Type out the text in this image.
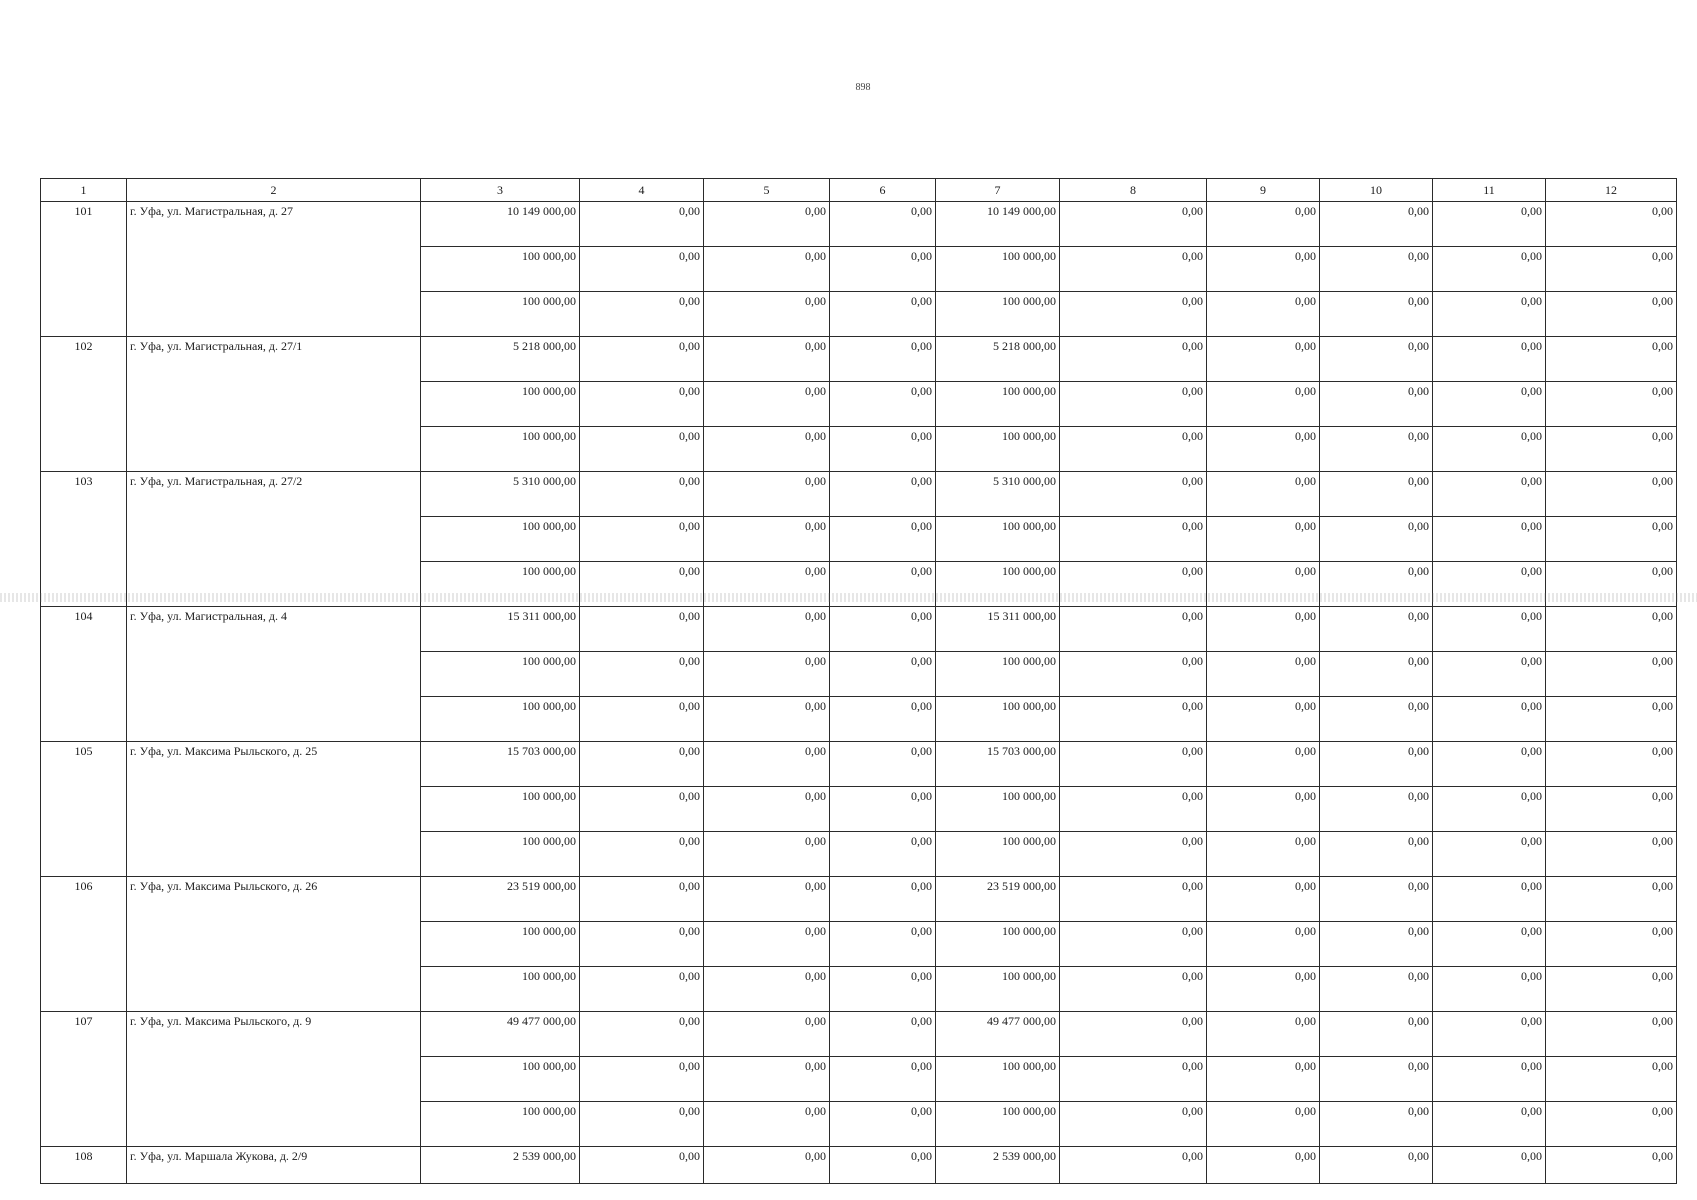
898
1	2	3	4	5	6	7	8	9	10	11	12
101	г. Уфа, ул. Магистральная, д. 27	10 149 000,00	0,00	0,00	0,00	10 149 000,00	0,00	0,00	0,00	0,00	0,00
		100 000,00	0,00	0,00	0,00	100 000,00	0,00	0,00	0,00	0,00	0,00
		100 000,00	0,00	0,00	0,00	100 000,00	0,00	0,00	0,00	0,00	0,00
102	г. Уфа, ул. Магистральная, д. 27/1	5 218 000,00	0,00	0,00	0,00	5 218 000,00	0,00	0,00	0,00	0,00	0,00
		100 000,00	0,00	0,00	0,00	100 000,00	0,00	0,00	0,00	0,00	0,00
		100 000,00	0,00	0,00	0,00	100 000,00	0,00	0,00	0,00	0,00	0,00
103	г. Уфа, ул. Магистральная, д. 27/2	5 310 000,00	0,00	0,00	0,00	5 310 000,00	0,00	0,00	0,00	0,00	0,00
		100 000,00	0,00	0,00	0,00	100 000,00	0,00	0,00	0,00	0,00	0,00
		100 000,00	0,00	0,00	0,00	100 000,00	0,00	0,00	0,00	0,00	0,00
104	г. Уфа, ул. Магистральная, д. 4	15 311 000,00	0,00	0,00	0,00	15 311 000,00	0,00	0,00	0,00	0,00	0,00
		100 000,00	0,00	0,00	0,00	100 000,00	0,00	0,00	0,00	0,00	0,00
		100 000,00	0,00	0,00	0,00	100 000,00	0,00	0,00	0,00	0,00	0,00
105	г. Уфа, ул. Максима Рыльского, д. 25	15 703 000,00	0,00	0,00	0,00	15 703 000,00	0,00	0,00	0,00	0,00	0,00
		100 000,00	0,00	0,00	0,00	100 000,00	0,00	0,00	0,00	0,00	0,00
		100 000,00	0,00	0,00	0,00	100 000,00	0,00	0,00	0,00	0,00	0,00
106	г. Уфа, ул. Максима Рыльского, д. 26	23 519 000,00	0,00	0,00	0,00	23 519 000,00	0,00	0,00	0,00	0,00	0,00
		100 000,00	0,00	0,00	0,00	100 000,00	0,00	0,00	0,00	0,00	0,00
		100 000,00	0,00	0,00	0,00	100 000,00	0,00	0,00	0,00	0,00	0,00
107	г. Уфа, ул. Максима Рыльского, д. 9	49 477 000,00	0,00	0,00	0,00	49 477 000,00	0,00	0,00	0,00	0,00	0,00
		100 000,00	0,00	0,00	0,00	100 000,00	0,00	0,00	0,00	0,00	0,00
		100 000,00	0,00	0,00	0,00	100 000,00	0,00	0,00	0,00	0,00	0,00
108	г. Уфа, ул. Маршала Жукова, д. 2/9	2 539 000,00	0,00	0,00	0,00	2 539 000,00	0,00	0,00	0,00	0,00	0,00
